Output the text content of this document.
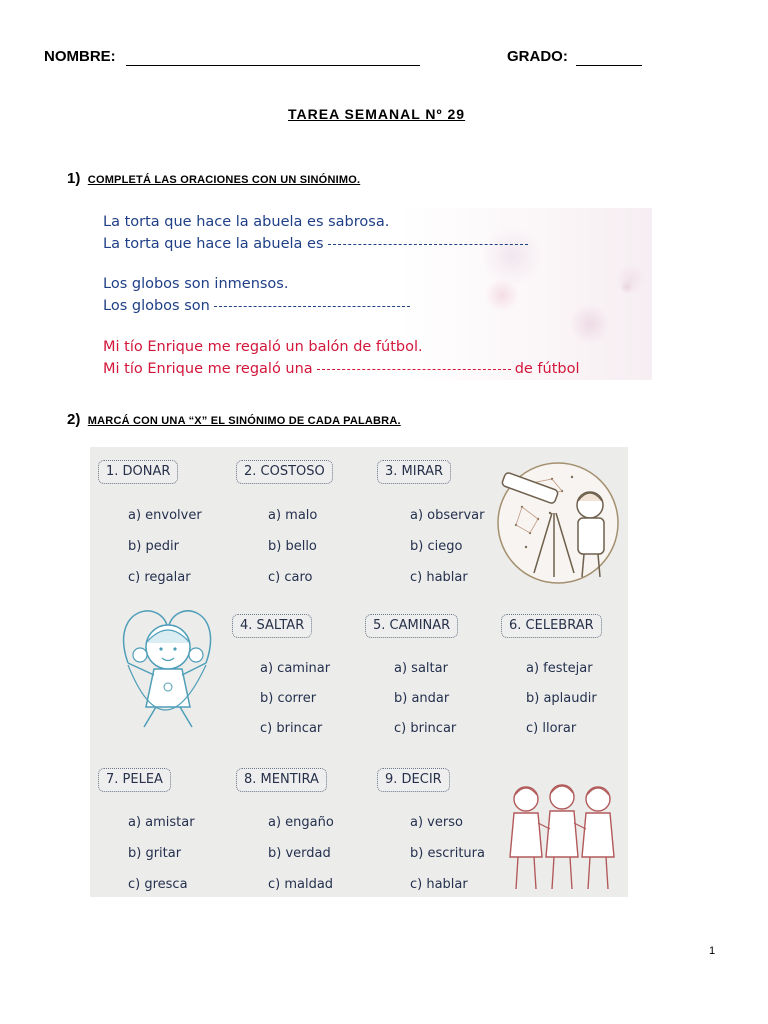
NOMBRE:	GRADO:
TAREA SEMANAL Nº 29
1) COMPLETÁ LAS ORACIONES CON UN SINÓNIMO.
La torta que hace la abuela es sabrosa.
La torta que hace la abuela es
Los globos son inmensos.
Los globos son
Mi tío Enrique me regaló un balón de fútbol.
Mi tío Enrique me regaló una	de fútbol
2) MARCÁ CON UNA “X” EL SINÓNIMO DE CADA PALABRA.
1. DONAR
a) envolver
b) pedir
c) regalar
2. COSTOSO
a) malo
b) bello
c) caro
3. MIRAR
a) observar
b) ciego
c) hablar
4. SALTAR
a) caminar
b) correr
c) brincar
5. CAMINAR
a) saltar
b) andar
c) brincar
6. CELEBRAR
a) festejar
b) aplaudir
c) llorar
7. PELEA
a) amistar
b) gritar
c) gresca
8. MENTIRA
a) engaño
b) verdad
c) maldad
9. DECIR
a) verso
b) escritura
c) hablar
1
